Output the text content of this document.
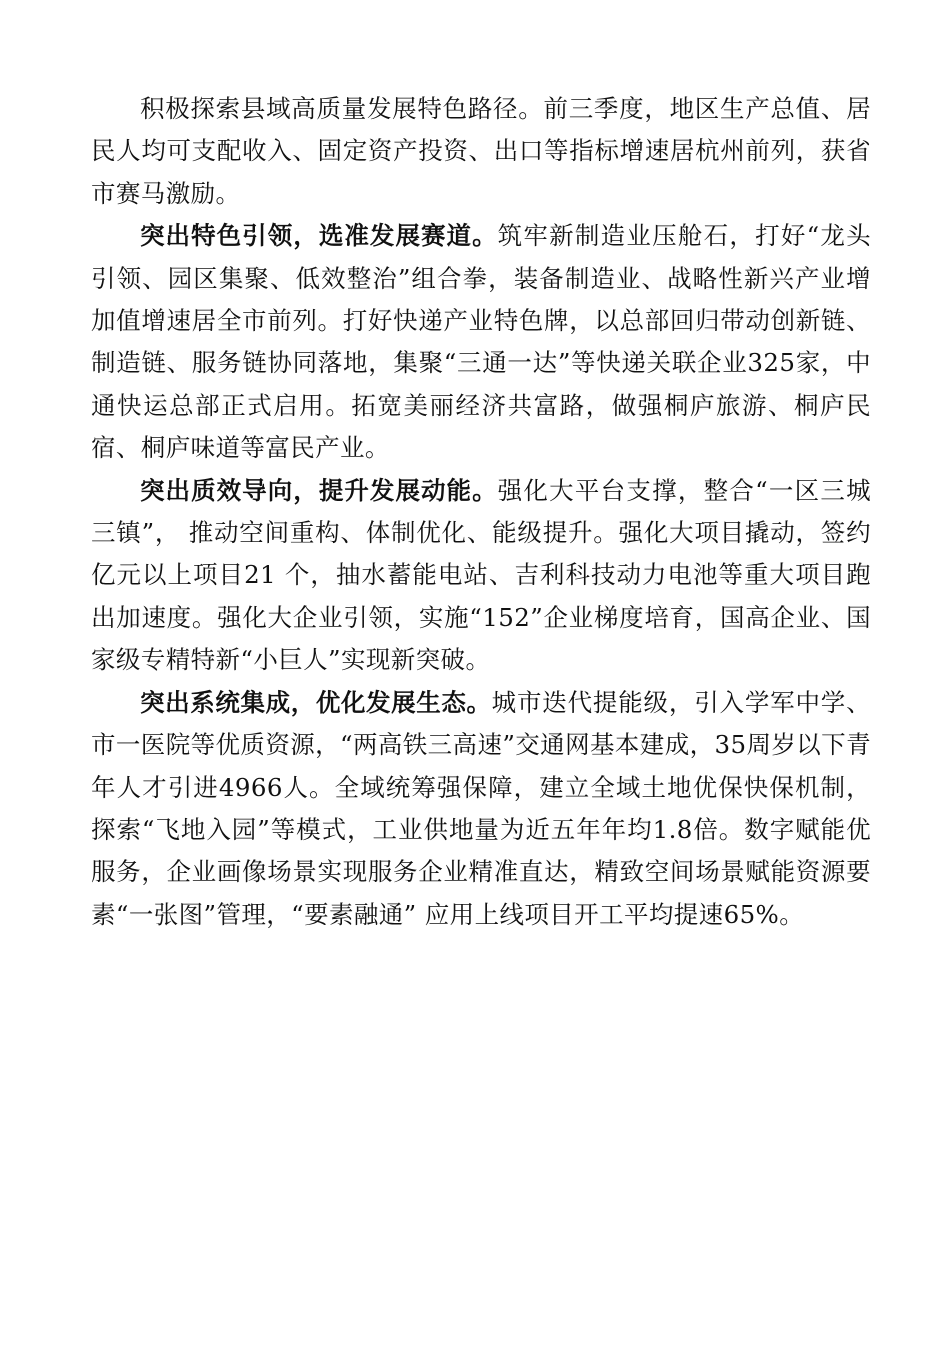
积极探索县域高质量发展特色路径。前三季度，地区生产总值、居民人均可支配收入、固定资产投资、出口等指标增速居杭州前列，获省市赛马激励。

突出特色引领，选准发展赛道。筑牢新制造业压舱石，打好“龙头引领、园区集聚、低效整治”组合拳，装备制造业、战略性新兴产业增加值增速居全市前列。打好快递产业特色牌，以总部回归带动创新链、制造链、服务链协同落地，集聚“三通一达”等快递关联企业325家，中通快运总部正式启用。拓宽美丽经济共富路，做强桐庐旅游、桐庐民宿、桐庐味道等富民产业。

突出质效导向，提升发展动能。强化大平台支撑，整合“一区三城三镇”， 推动空间重构、体制优化、能级提升。强化大项目撬动，签约亿元以上项目21 个，抽水蓄能电站、吉利科技动力电池等重大项目跑出加速度。强化大企业引领，实施“152”企业梯度培育，国高企业、国家级专精特新“小巨人”实现新突破。

突出系统集成，优化发展生态。城市迭代提能级，引入学军中学、市一医院等优质资源，“两高铁三高速”交通网基本建成，35周岁以下青年人才引进4966人。全域统筹强保障，建立全域土地优保快保机制，探索“飞地入园”等模式，工业供地量为近五年年均1.8倍。数字赋能优服务，企业画像场景实现服务企业精准直达，精致空间场景赋能资源要素“一张图”管理，“要素融通” 应用上线项目开工平均提速65%。
